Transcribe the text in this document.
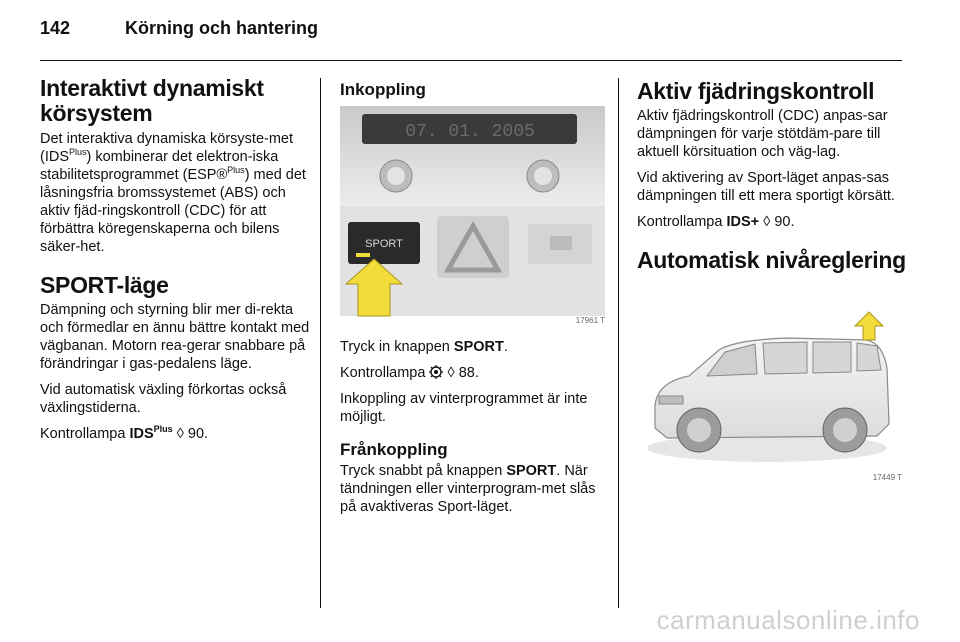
142	Körning och hantering
Interaktivt dynamiskt körsystem

Det interaktiva dynamiska körsyste-met $(IDS^{Plus})$ kombinerar det elektron-iska stabilitetsprogrammet (ESP®$^{Plus}$) med det låsningsfria bromssystemet (ABS) och aktiv fjäd-ringskontroll (CDC) för att förbättra köregenskaperna och bilens säker-het.

SPORT-läge

Dämpning och styrning blir mer di-rekta och förmedlar en ännu bättre kontakt med vägbanan. Motorn rea-gerar snabbare på förändringar i gas-pedalens läge.

Vid automatisk växling förkortas också växlingstiderna.

Kontrollampa $IDS^{Plus}$ ◊ 90.

Inkoppling
07. 01. 2005
SPORT
17961 T

Tryck in knappen SPORT.

Kontrollampa  ◊ 88.

Inkoppling av vinterprogrammet är inte möjligt.

Frånkoppling

Tryck snabbt på knappen SPORT. När tändningen eller vinterprogram-met slås på avaktiveras Sport-läget.

Aktiv fjädringskontroll

Aktiv fjädringskontroll (CDC) anpas-sar dämpningen för varje stötdäm-pare till aktuell körsituation och väg-lag.

Vid aktivering av Sport-läget anpas-sas dämpningen till ett mera sportigt körsätt.

Kontrollampa IDS+ ◊ 90.

Automatisk nivåreglering
17449 T
carmanualsonline.info
